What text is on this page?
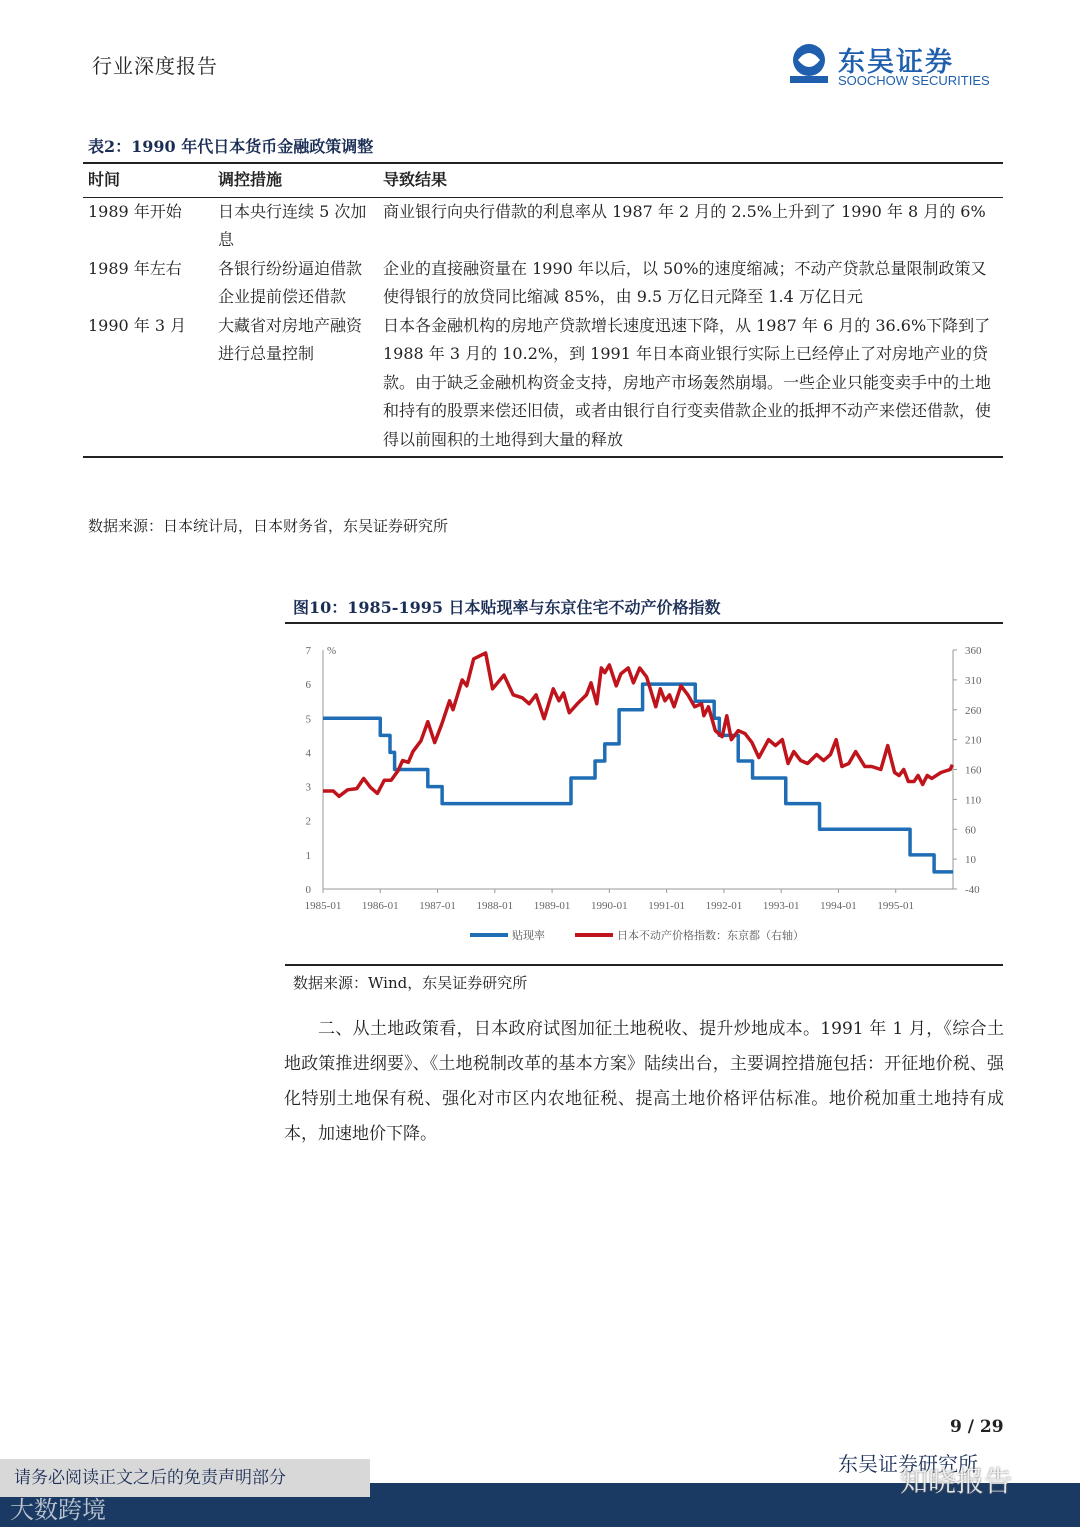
行业深度报告	东吴证券
SOOCHOW SECURITIES
表2：1990 年代日本货币金融政策调整
时间	调控措施	导致结果
1989 年开始	日本央行连续 5 次加息	商业银行向央行借款的利息率从 1987 年 2 月的 2.5%上升到了 1990 年 8 月的 6%
1989 年左右	各银行纷纷逼迫借款企业提前偿还借款	企业的直接融资量在 1990 年以后，以 50%的速度缩减；不动产贷款总量限制政策又使得银行的放贷同比缩减 85%，由 9.5 万亿日元降至 1.4 万亿日元
1990 年 3 月	大藏省对房地产融资进行总量控制	日本各金融机构的房地产贷款增长速度迅速下降，从 1987 年 6 月的 36.6%下降到了 1988 年 3 月的 10.2%，到 1991 年日本商业银行实际上已经停止了对房地产业的贷款。由于缺乏金融机构资金支持，房地产市场轰然崩塌。一些企业只能变卖手中的土地和持有的股票来偿还旧债，或者由银行自行变卖借款企业的抵押不动产来偿还借款，使得以前囤积的土地得到大量的释放
数据来源：日本统计局，日本财务省，东吴证券研究所
图10：1985-1995 日本贴现率与东京住宅不动产价格指数
0
1
2
3
4
5
6
7 %
-40
10
60
110
160
210
260
310
360
1985-01 1986-01 1987-01 1988-01 1989-01 1990-01 1991-01 1992-01 1993-01 1994-01 1995-01
贴现率	日本不动产价格指数：东京都（右轴）
数据来源：Wind，东吴证券研究所
二、从土地政策看，日本政府试图加征土地税收、提升炒地成本。1991 年 1 月，《综合土地政策推进纲要》、《土地税制改革的基本方案》陆续出台，主要调控措施包括：开征地价税、强化特别土地保有税、强化对市区内农地征税、提高土地价格评估标准。地价税加重土地持有成本，加速地价下降。
9 / 29
请务必阅读正文之后的免责声明部分
东吴证券研究所
大数跨境
知晓报告
